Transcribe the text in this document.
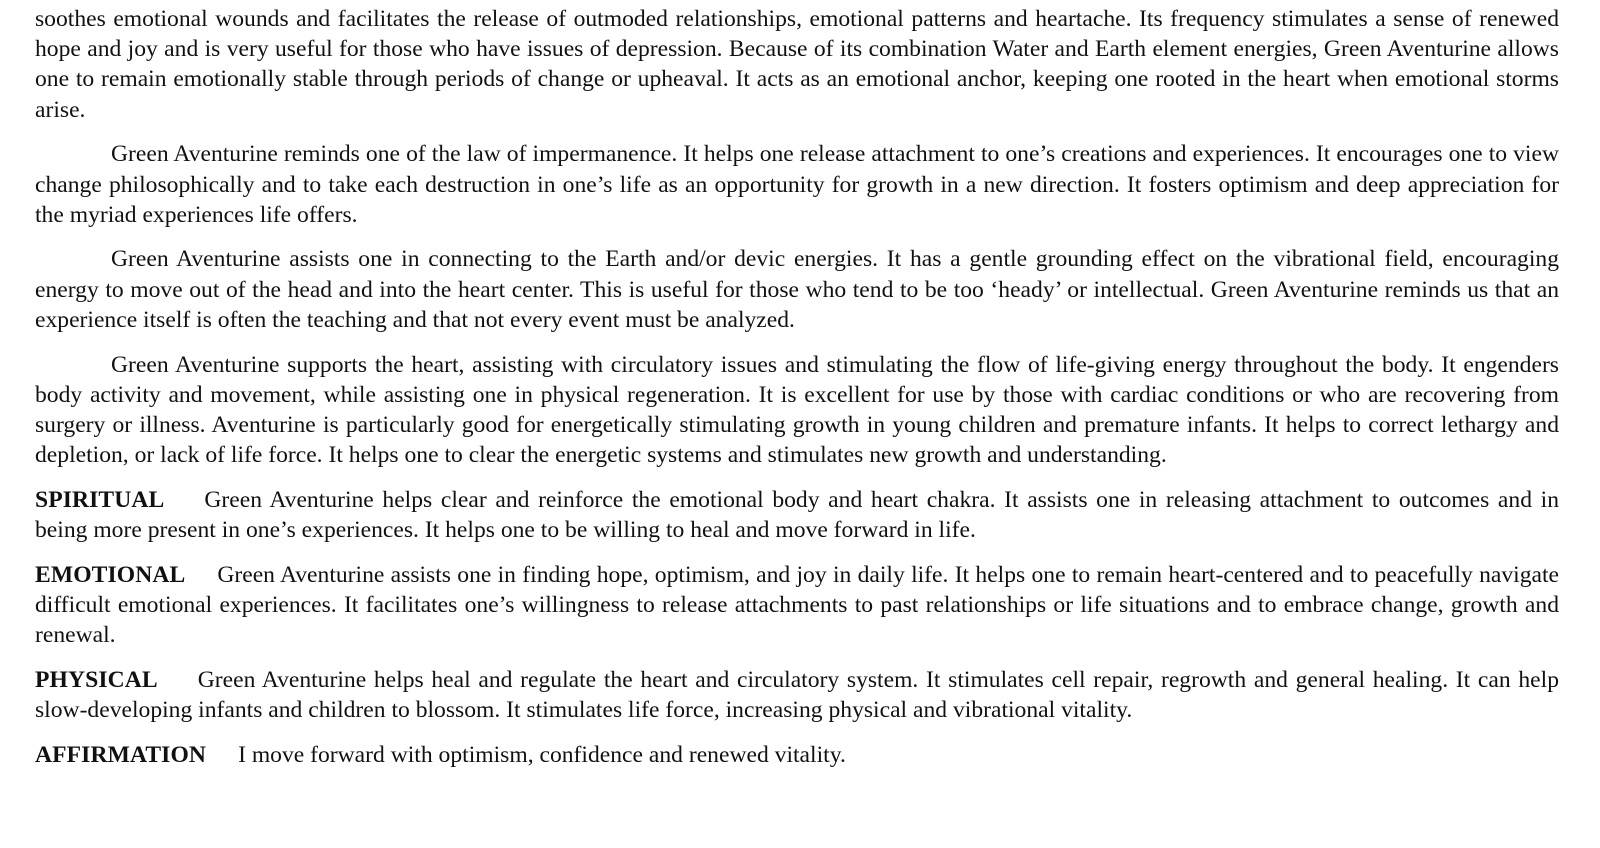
soothes emotional wounds and facilitates the release of outmoded relationships, emotional patterns and heartache. Its frequency stimulates a sense of renewed hope and joy and is very useful for those who have issues of depression. Because of its combination Water and Earth element energies, Green Aventurine allows one to remain emotionally stable through periods of change or upheaval. It acts as an emotional anchor, keeping one rooted in the heart when emotional storms arise.

Green Aventurine reminds one of the law of impermanence. It helps one release attachment to one’s creations and experiences. It encourages one to view change philosophically and to take each destruction in one’s life as an opportunity for growth in a new direction. It fosters optimism and deep appreciation for the myriad experiences life offers.

Green Aventurine assists one in connecting to the Earth and/or devic energies. It has a gentle grounding effect on the vibrational field, encouraging energy to move out of the head and into the heart center. This is useful for those who tend to be too ‘heady’ or intellectual. Green Aventurine reminds us that an experience itself is often the teaching and that not every event must be analyzed.

Green Aventurine supports the heart, assisting with circulatory issues and stimulating the flow of life-giving energy throughout the body. It engenders body activity and movement, while assisting one in physical regeneration. It is excellent for use by those with cardiac conditions or who are recovering from surgery or illness. Aventurine is particularly good for energetically stimulating growth in young children and premature infants. It helps to correct lethargy and depletion, or lack of life force. It helps one to clear the energetic systems and stimulates new growth and understanding.

SPIRITUAL Green Aventurine helps clear and reinforce the emotional body and heart chakra. It assists one in releasing attachment to outcomes and in being more present in one’s experiences. It helps one to be willing to heal and move forward in life.

EMOTIONAL Green Aventurine assists one in finding hope, optimism, and joy in daily life. It helps one to remain heart-centered and to peacefully navigate difficult emotional experiences. It facilitates one’s willingness to release attachments to past relationships or life situations and to embrace change, growth and renewal.

PHYSICAL Green Aventurine helps heal and regulate the heart and circulatory system. It stimulates cell repair, regrowth and general healing. It can help slow-developing infants and children to blossom. It stimulates life force, increasing physical and vibrational vitality.

AFFIRMATION I move forward with optimism, confidence and renewed vitality.
